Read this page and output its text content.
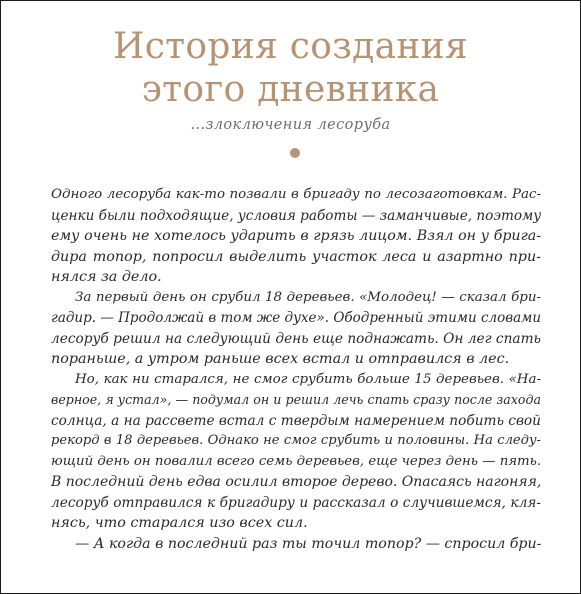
История создания
этого дневника
...злоключения лесоруба
Одного лесоруба как-то позвали в бригаду по лесозаготовкам. Рас-
ценки были подходящие, условия работы — заманчивые, поэтому
ему очень не хотелось ударить в грязь лицом. Взял он у брига-
дира топор, попросил выделить участок леса и азартно при-
нялся за дело.
За первый день он срубил 18 деревьев. «Молодец! — сказал бри-
гадир. — Продолжай в том же духе». Ободренный этими словами
лесоруб решил на следующий день еще поднажать. Он лег спать
пораньше, а утром раньше всех встал и отправился в лес.
Но, как ни старался, не смог срубить больше 15 деревьев. «На-
верное, я устал», — подумал он и решил лечь спать сразу после захода
солнца, а на рассвете встал с твердым намерением побить свой
рекорд в 18 деревьев. Однако не смог срубить и половины. На следу-
ющий день он повалил всего семь деревьев, еще через день — пять.
В последний день едва осилил второе дерево. Опасаясь нагоняя,
лесоруб отправился к бригадиру и рассказал о случившемся, кля-
нясь, что старался изо всех сил.
— А когда в последний раз ты точил топор? — спросил бри-
